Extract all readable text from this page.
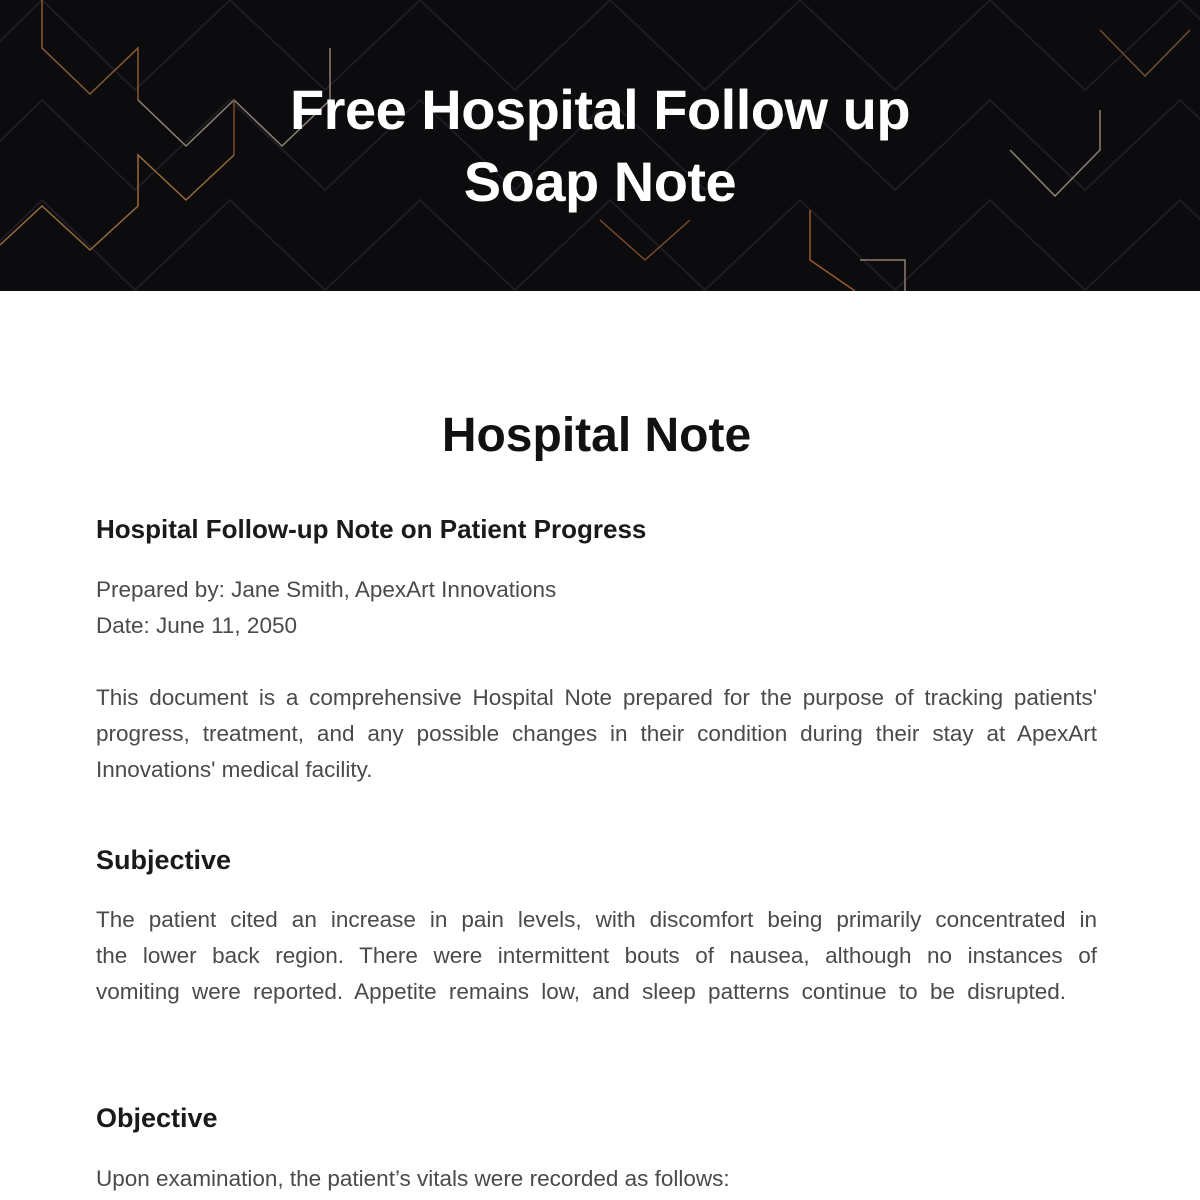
Free Hospital Follow up
Soap Note
Hospital Note
Hospital Follow-up Note on Patient Progress
Prepared by: Jane Smith, ApexArt Innovations
Date: June 11, 2050
This document is a comprehensive Hospital Note prepared for the purpose of tracking patients' progress, treatment, and any possible changes in their condition during their stay at ApexArt Innovations' medical facility.
Subjective
The patient cited an increase in pain levels, with discomfort being primarily concentrated in the lower back region. There were intermittent bouts of nausea, although no instances of vomiting were reported. Appetite remains low, and sleep patterns continue to be disrupted.
Objective
Upon examination, the patient’s vitals were recorded as follows:
